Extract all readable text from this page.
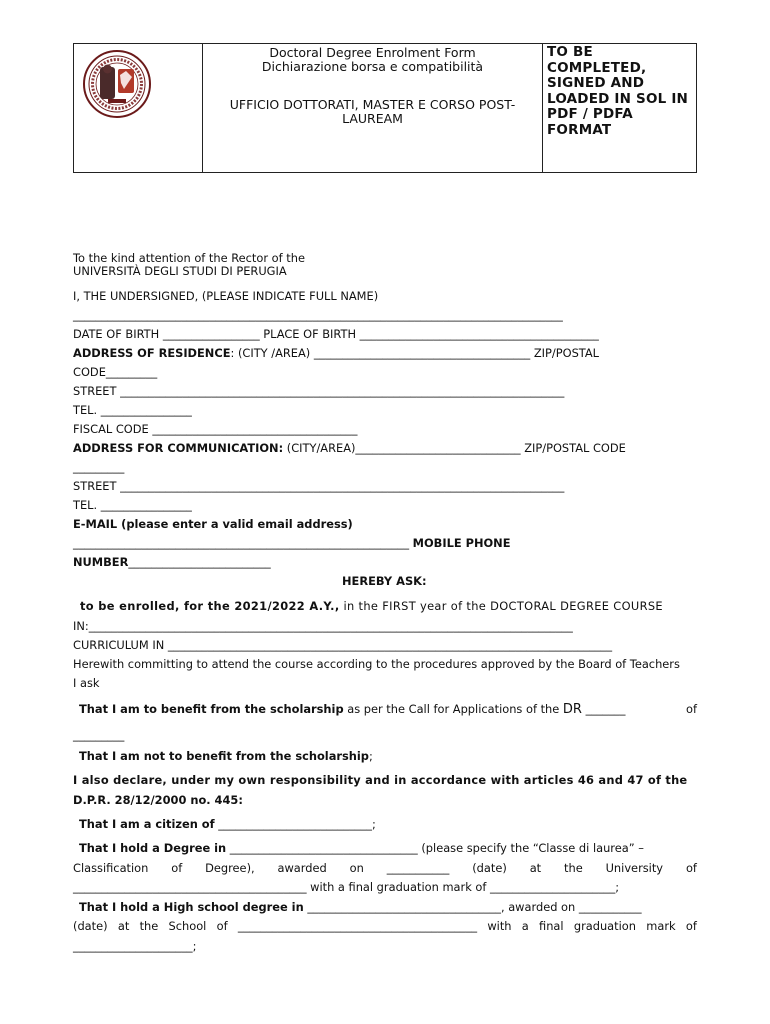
Doctoral Degree Enrolment Form
Dichiarazione borsa e compatibilità
UFFICIO DOTTORATI, MASTER E CORSO POST-
LAUREAM
TO BE
COMPLETED,
SIGNED AND
LOADED IN SOL IN
PDF / PDFA
FORMAT
To the kind attention of the Rector of the
UNIVERSITÀ DEGLI STUDI DI PERUGIA
I, THE UNDERSIGNED, (PLEASE INDICATE FULL NAME)
______________________________________________________________________________________
DATE OF BIRTH _________________ PLACE OF BIRTH __________________________________________
ADDRESS OF RESIDENCE: (CITY /AREA) ______________________________________ ZIP/POSTAL
CODE_________
STREET ______________________________________________________________________________
TEL. ________________
FISCAL CODE ____________________________________
ADDRESS FOR COMMUNICATION: (CITY/AREA)_____________________________ ZIP/POSTAL CODE
_________
STREET ______________________________________________________________________________
TEL. ________________
E-MAIL (please enter a valid email address)
___________________________________________________________ MOBILE PHONE
NUMBER_________________________
HEREBY ASK:
to be enrolled, for the 2021/2022 A.Y., in the FIRST year of the DOCTORAL DEGREE COURSE
IN:_____________________________________________________________________________________
CURRICULUM IN ______________________________________________________________________________
Herewith committing to attend the course according to the procedures approved by the Board of Teachers
I ask
That I am to benefit from the scholarship as per the Call for Applications of the DR _______	of
_________
That I am not to benefit from the scholarship;
I also declare, under my own responsibility and in accordance with articles 46 and 47 of the
D.P.R. 28/12/2000 no. 445:
That I am a citizen of ___________________________;
That I hold a Degree in _________________________________ (please specify the “Classe di laurea” –
Classification of Degree), awarded on ___________ (date) at the University of
_________________________________________ with a final graduation mark of ______________________;
That I hold a High school degree in __________________________________, awarded on ___________
(date) at the School of __________________________________________ with a final graduation mark of
_____________________;
